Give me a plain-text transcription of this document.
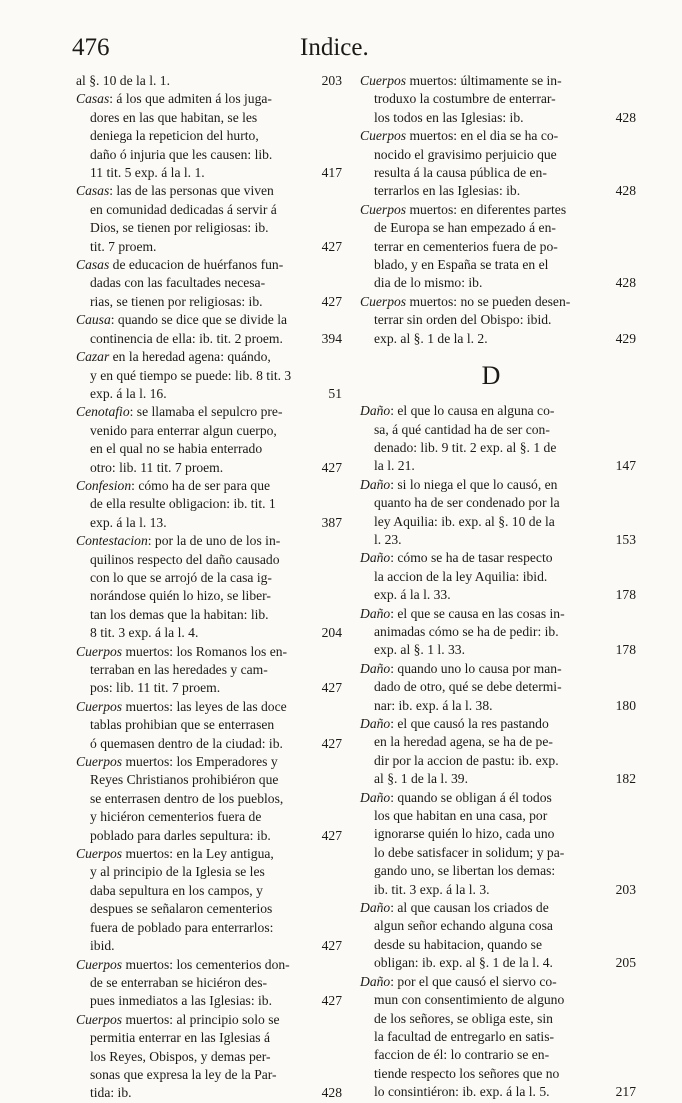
476	Indice.
al §. 10 de la l. 1.	203
Casas: á los que admiten á los juga-
dores en las que habitan, se les
deniega la repeticion del hurto,
daño ó injuria que les causen: lib.
11 tit. 5 exp. á la l. 1.	417
Casas: las de las personas que viven
en comunidad dedicadas á servir á
Dios, se tienen por religiosas: ib.
tit. 7 proem.	427
Casas de educacion de huérfanos fun-
dadas con las facultades necesa-
rias, se tienen por religiosas: ib.	427
Causa: quando se dice que se divide la
continencia de ella: ib. tit. 2 proem.	394
Cazar en la heredad agena: quándo,
y en qué tiempo se puede: lib. 8 tit. 3
exp. á la l. 16.	51
Cenotafio: se llamaba el sepulcro pre-
venido para enterrar algun cuerpo,
en el qual no se habia enterrado
otro: lib. 11 tit. 7 proem.	427
Confesion: cómo ha de ser para que
de ella resulte obligacion: ib. tit. 1
exp. á la l. 13.	387
Contestacion: por la de uno de los in-
quilinos respecto del daño causado
con lo que se arrojó de la casa ig-
norándose quién lo hizo, se liber-
tan los demas que la habitan: lib.
8 tit. 3 exp. á la l. 4.	204
Cuerpos muertos: los Romanos los en-
terraban en las heredades y cam-
pos: lib. 11 tit. 7 proem.	427
Cuerpos muertos: las leyes de las doce
tablas prohibian que se enterrasen
ó quemasen dentro de la ciudad: ib.	427
Cuerpos muertos: los Emperadores y
Reyes Christianos prohibiéron que
se enterrasen dentro de los pueblos,
y hiciéron cementerios fuera de
poblado para darles sepultura: ib.	427
Cuerpos muertos: en la Ley antigua,
y al principio de la Iglesia se les
daba sepultura en los campos, y
despues se señalaron cementerios
fuera de poblado para enterrarlos:
ibid.	427
Cuerpos muertos: los cementerios don-
de se enterraban se hiciéron des-
pues inmediatos a las Iglesias: ib.	427
Cuerpos muertos: al principio solo se
permitia enterrar en las Iglesias á
los Reyes, Obispos, y demas per-
sonas que expresa la ley de la Par-
tida: ib.	428
Cuerpos muertos: últimamente se in-
troduxo la costumbre de enterrar-
los todos en las Iglesias: ib.	428
Cuerpos muertos: en el dia se ha co-
nocido el gravisimo perjuicio que
resulta á la causa pública de en-
terrarlos en las Iglesias: ib.	428
Cuerpos muertos: en diferentes partes
de Europa se han empezado á en-
terrar en cementerios fuera de po-
blado, y en España se trata en el
dia de lo mismo: ib.	428
Cuerpos muertos: no se pueden desen-
terrar sin orden del Obispo: ibid.
exp. al §. 1 de la l. 2.	429
D
Daño: el que lo causa en alguna co-
sa, á qué cantidad ha de ser con-
denado: lib. 9 tit. 2 exp. al §. 1 de
la l. 21.	147
Daño: si lo niega el que lo causó, en
quanto ha de ser condenado por la
ley Aquilia: ib. exp. al §. 10 de la
l. 23.	153
Daño: cómo se ha de tasar respecto
la accion de la ley Aquilia: ibid.
exp. á la l. 33.	178
Daño: el que se causa en las cosas in-
animadas cómo se ha de pedir: ib.
exp. al §. 1 l. 33.	178
Daño: quando uno lo causa por man-
dado de otro, qué se debe determi-
nar: ib. exp. á la l. 38.	180
Daño: el que causó la res pastando
en la heredad agena, se ha de pe-
dir por la accion de pastu: ib. exp.
al §. 1 de la l. 39.	182
Daño: quando se obligan á él todos
los que habitan en una casa, por
ignorarse quién lo hizo, cada uno
lo debe satisfacer in solidum; y pa-
gando uno, se libertan los demas:
ib. tit. 3 exp. á la l. 3.	203
Daño: al que causan los criados de
algun señor echando alguna cosa
desde su habitacion, quando se
obligan: ib. exp. al §. 1 de la l. 4.	205
Daño: por el que causó el siervo co-
mun con consentimiento de alguno
de los señores, se obliga este, sin
la facultad de entregarlo en satis-
faccion de él: lo contrario se en-
tiende respecto los señores que no
lo consintiéron: ib. exp. á la l. 5.	217
